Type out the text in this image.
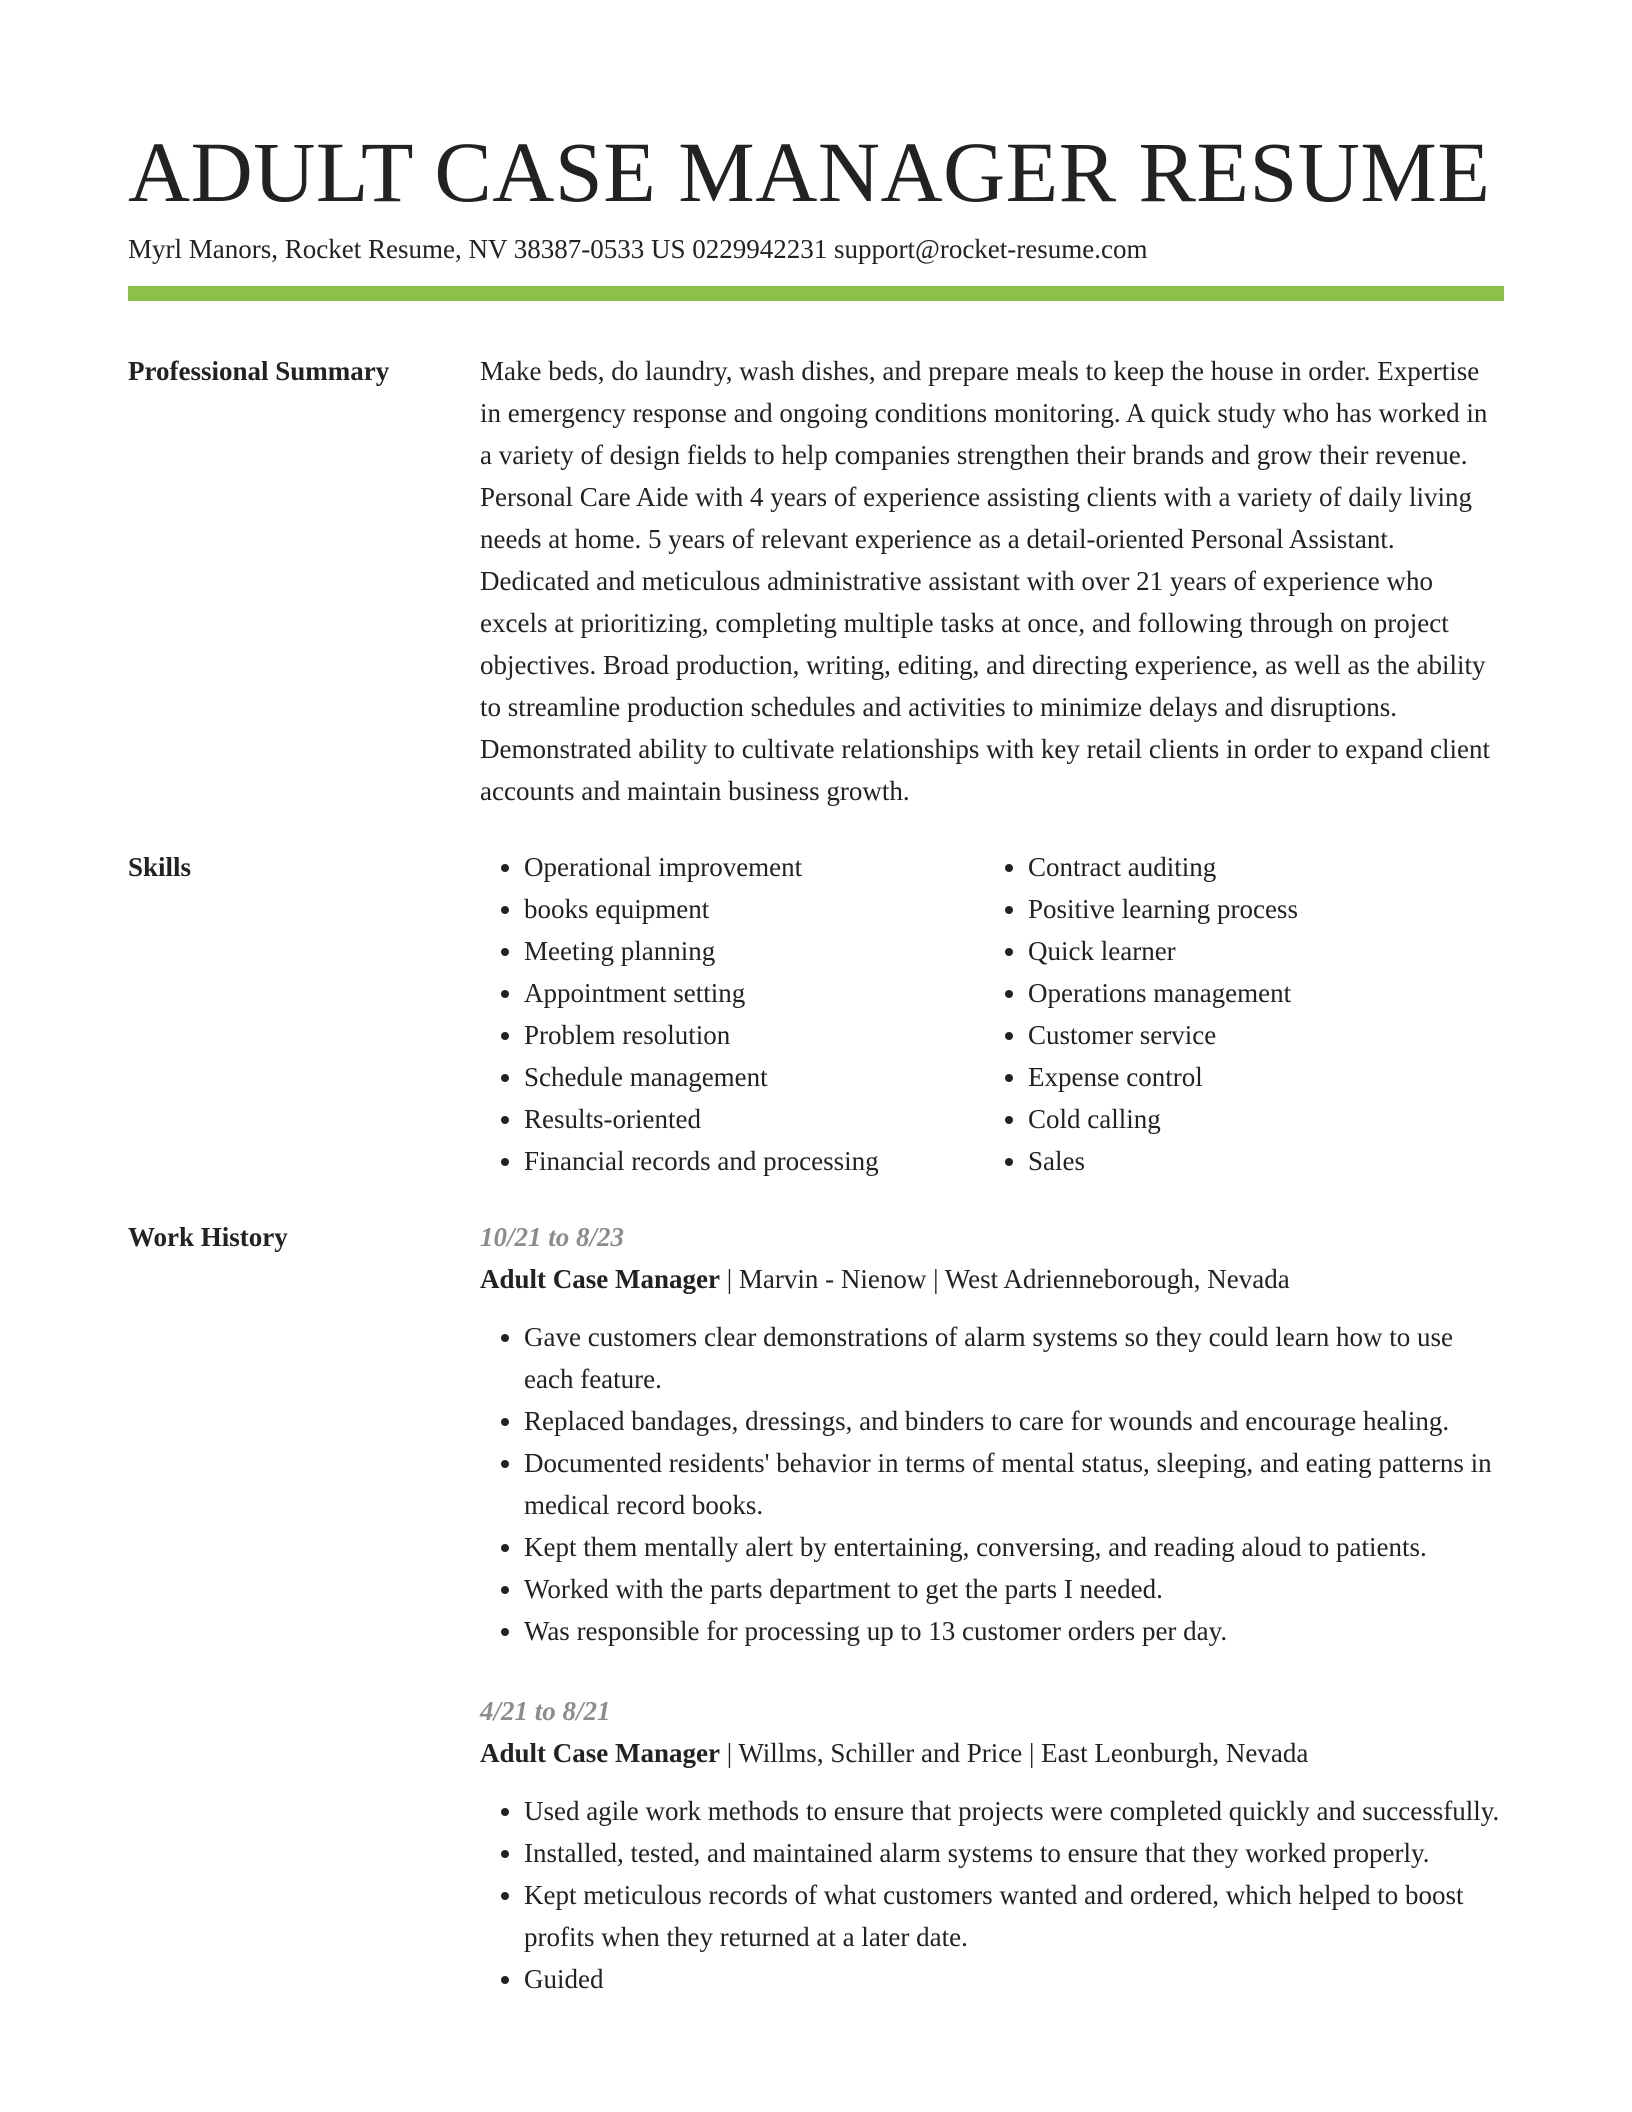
ADULT CASE MANAGER RESUME
Myrl Manors, Rocket Resume, NV 38387-0533 US 0229942231 support@rocket-resume.com
Professional Summary	Make beds, do laundry, wash dishes, and prepare meals to keep the house in order. Expertise in emergency response and ongoing conditions monitoring. A quick study who has worked in a variety of design fields to help companies strengthen their brands and grow their revenue. Personal Care Aide with 4 years of experience assisting clients with a variety of daily living needs at home. 5 years of relevant experience as a detail-oriented Personal Assistant. Dedicated and meticulous administrative assistant with over 21 years of experience who excels at prioritizing, completing multiple tasks at once, and following through on project objectives. Broad production, writing, editing, and directing experience, as well as the ability to streamline production schedules and activities to minimize delays and disruptions. Demonstrated ability to cultivate relationships with key retail clients in order to expand client accounts and maintain business growth.

Skills
•	Operational improvement
• books equipment
• Meeting planning
• Appointment setting
• Problem resolution
• Schedule management
• Results-oriented
• Financial records and processing
• Contract auditing
• Positive learning process
• Quick learner
• Operations management
• Customer service
• Expense control
• Cold calling
• Sales
Work History	10/21 to 8/23
Adult Case Manager | Marvin - Nienow | West Adrienneborough, Nevada
• Gave customers clear demonstrations of alarm systems so they could learn how to use each feature.
• Replaced bandages, dressings, and binders to care for wounds and encourage healing.
• Documented residents' behavior in terms of mental status, sleeping, and eating patterns in medical record books.
• Kept them mentally alert by entertaining, conversing, and reading aloud to patients.
• Worked with the parts department to get the parts I needed.
• Was responsible for processing up to 13 customer orders per day.
4/21 to 8/21
Adult Case Manager | Willms, Schiller and Price | East Leonburgh, Nevada
• Used agile work methods to ensure that projects were completed quickly and successfully.
• Installed, tested, and maintained alarm systems to ensure that they worked properly.
• Kept meticulous records of what customers wanted and ordered, which helped to boost profits when they returned at a later date.
• Guided
